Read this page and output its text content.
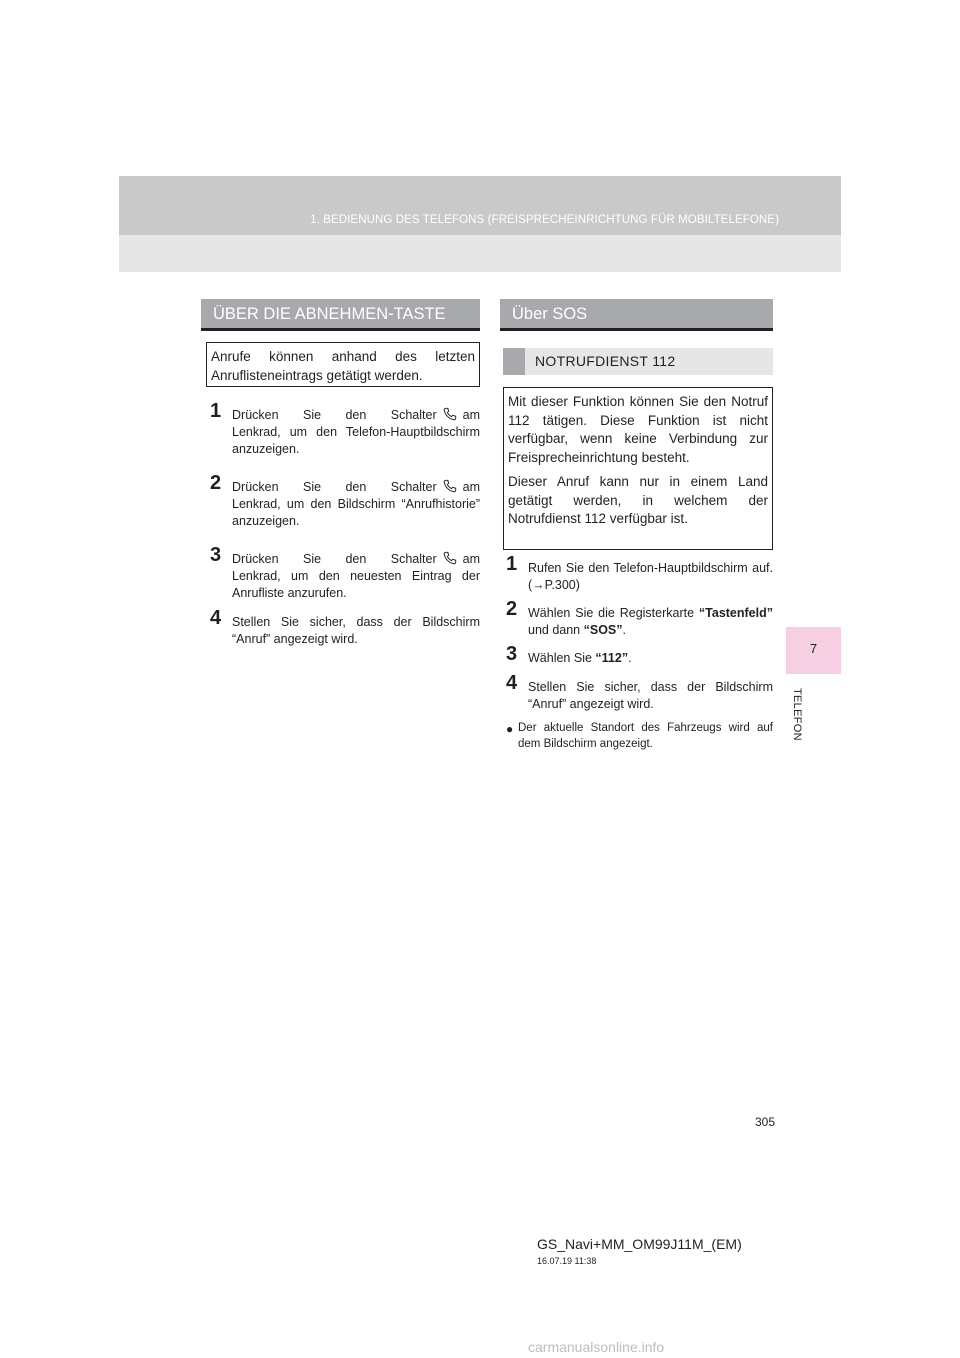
1. BEDIENUNG DES TELEFONS (FREISPRECHEINRICHTUNG FÜR MOBILTELEFONE)
7
TELEFON
ÜBER DIE ABNEHMEN-TASTE

Anrufe können anhand des letzten Anruflisteneintrags getätigt werden.

1 Drücken Sie den Schalter am
Lenkrad, um den Telefon-Hauptbildschirm anzuzeigen.
2 Drücken Sie den Schalter am
Lenkrad, um den Bildschirm “Anrufhistorie” anzuzeigen.
3 Drücken Sie den Schalter am
Lenkrad, um den neuesten Eintrag der Anrufliste anzurufen.
4 Stellen Sie sicher, dass der Bildschirm “Anruf” angezeigt wird.
Über SOS
NOTRUFDIENST 112

Mit dieser Funktion können Sie den Notruf 112 tätigen. Diese Funktion ist nicht verfügbar, wenn keine Verbindung zur Freisprecheinrichtung besteht.

Dieser Anruf kann nur in einem Land getätigt werden, in welchem der Notrufdienst 112 verfügbar ist.

1 Rufen Sie den Telefon-Hauptbildschirm auf. (→P.300)
2 Wählen Sie die Registerkarte “Tastenfeld” und dann “SOS”.
3 Wählen Sie “112”.
4 Stellen Sie sicher, dass der Bildschirm “Anruf” angezeigt wird.
● Der aktuelle Standort des Fahrzeugs wird auf dem Bildschirm angezeigt.
305
GS_Navi+MM_OM99J11M_(EM)
16.07.19 11:38
carmanualsonline.info
